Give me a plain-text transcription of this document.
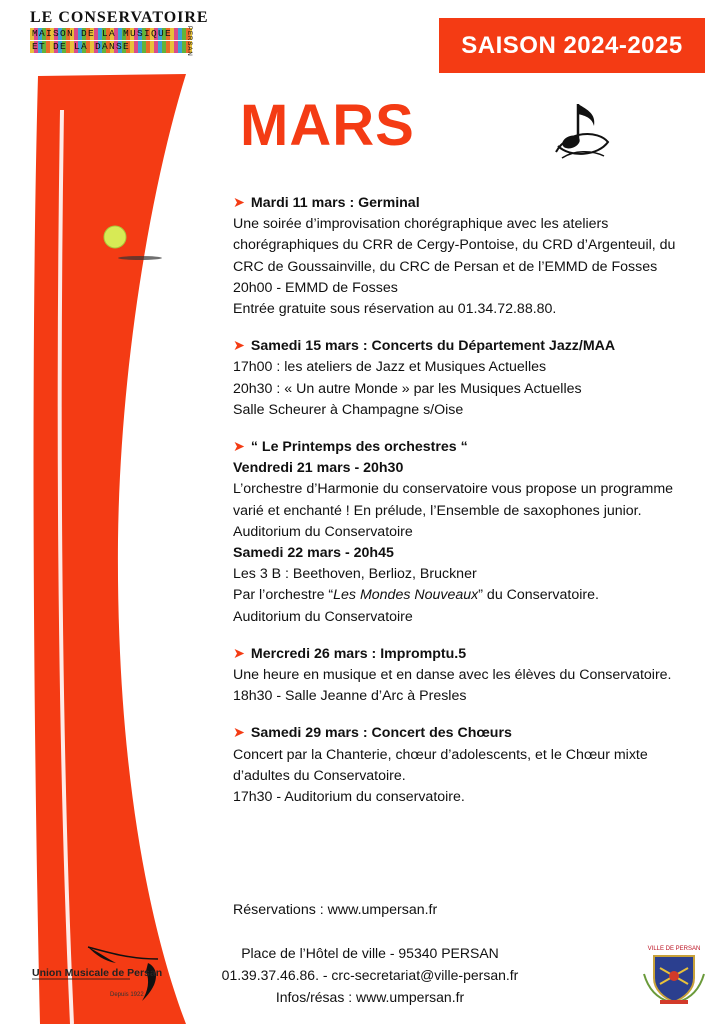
LE CONSERVATOIRE
MAISON DE LA MUSIQUE
ET DE LA DANSE	PERSAN	SAISON 2024-2025
MARS

➤ Mardi 11 mars : Germinal

Une soirée d’improvisation chorégraphique avec les ateliers chorégraphiques du CRR de Cergy-Pontoise, du CRD d’Argenteuil, du CRC de Goussainville, du CRC de Persan et de l’EMMD de Fosses

20h00 - EMMD de Fosses

Entrée gratuite sous réservation au 01.34.72.88.80.

➤ Samedi 15 mars : Concerts du Département Jazz/MAA

17h00 : les ateliers de Jazz et Musiques Actuelles

20h30 : « Un autre Monde » par les Musiques Actuelles

Salle Scheurer à Champagne s/Oise

➤ “ Le Printemps des orchestres “

Vendredi 21 mars - 20h30

L’orchestre d’Harmonie du conservatoire vous propose un programme varié et enchanté ! En prélude, l’Ensemble de saxophones junior.

Auditorium du Conservatoire

Samedi 22 mars - 20h45

Les 3 B : Beethoven, Berlioz, Bruckner

Par l’orchestre “Les Mondes Nouveaux” du Conservatoire.

Auditorium du Conservatoire

➤ Mercredi 26 mars : Impromptu.5

Une heure en musique et en danse avec les élèves du Conservatoire.

18h30 - Salle Jeanne d’Arc à Presles

➤ Samedi 29 mars : Concert des Chœurs

Concert par la Chanterie, chœur d’adolescents, et le Chœur mixte d’adultes du Conservatoire.

17h30 - Auditorium du conservatoire.

Réservations : www.umpersan.fr
Place de l’Hôtel de ville - 95340 PERSAN
01.39.37.46.86. - crc-secretariat@ville-persan.fr
Infos/résas : www.umpersan.fr
Union Musicale de Persan
Depuis 1922
VILLE DE PERSAN
